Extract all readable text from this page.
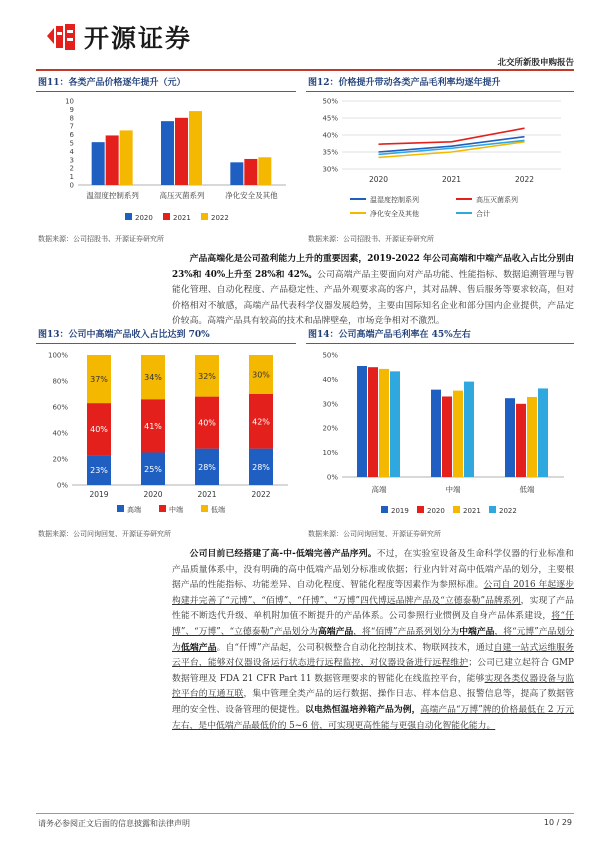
开源证券
北交所新股申购报告
图11：各类产品价格逐年提升（元）
0
1
2
3
4
5
6
7
8
9
10
温湿度控制系列	高压灭菌系列	净化安全及其他
2020	2021	2022
数据来源：公司招股书、开源证券研究所
图12：价格提升带动各类产品毛利率均逐年提升
30%
35%
40%
45%
50%
2020	2021	2022
温湿度控制系列	高压灭菌系列
净化安全及其他	合计
数据来源：公司招股书、开源证券研究所
产品高端化是公司盈利能力上升的重要因素，2019-2022 年公司高端和中端产品收入占比分别由 23%和 40%上升至 28%和 42%。公司高端产品主要面向对产品功能、性能指标、数据追溯管理与智能化管理、自动化程度、产品稳定性、产品外观要求高的客户，其对品牌、售后服务等要求较高，但对价格相对不敏感，高端产品代表科学仪器发展趋势，主要由国际知名企业和部分国内企业提供，产品定价较高。高端产品具有较高的技术和品牌壁垒，市场竞争相对不激烈。
图13：公司中高端产品收入占比达到 70%
0%
20%
40%
60%
80%
100%
23%
40%
37%
2019
25%
41%
34%
2020
28%
40%
32%
2021
28%
42%
30%
2022
高端	中端	低端
数据来源：公司问询回复、开源证券研究所
图14：公司高端产品毛利率在 45%左右
0%
10%
20%
30%
40%
50%
高端	中端	低端
2019	2020	2021	2022
数据来源：公司问询回复、开源证券研究所
公司目前已经搭建了高-中-低端完善产品序列。不过，在实验室设备及生命科学仪器的行业标准和产品质量体系中，没有明确的高中低端产品划分标准或依据；行业内针对高中低端产品的划分，主要根据产品的性能指标、功能差异、自动化程度、智能化程度等因素作为参照标准。公司自 2016 年起逐步构建并完善了“元博”、“佰博”、“仟博”、“万博”四代博远品牌产品及“立德泰勒”品牌系列，实现了产品性能不断迭代升级、单机附加值不断提升的产品体系。公司参照行业惯例及自身产品体系建设，将“仟博”、“万博”、“立德泰勒”产品划分为高端产品，将“佰博”产品系列划分为中端产品，将“元博”产品划分为低端产品。自“仟博”产品起，公司积极整合自动化控制技术、物联网技术，通过自建一站式运维服务云平台，能够对仪器设备运行状态进行远程监控，对仪器设备进行远程维护；公司已建立起符合 GMP 数据管理及 FDA 21 CFR Part 11 数据管理要求的智能化在线监控平台，能够实现各类仪器设备与监控平台的互通互联，集中管理全类产品的运行数据、操作日志、样本信息、报警信息等，提高了数据管理的安全性、设备管理的便捷性。以电热恒温培养箱产品为例，高端产品“万博”牌的价格最低在 2 万元左右，是中低端产品最低价的 5~6 倍，可实现更高性能与更强自动化智能化能力。
请务必参阅正文后面的信息披露和法律声明	10 / 29
